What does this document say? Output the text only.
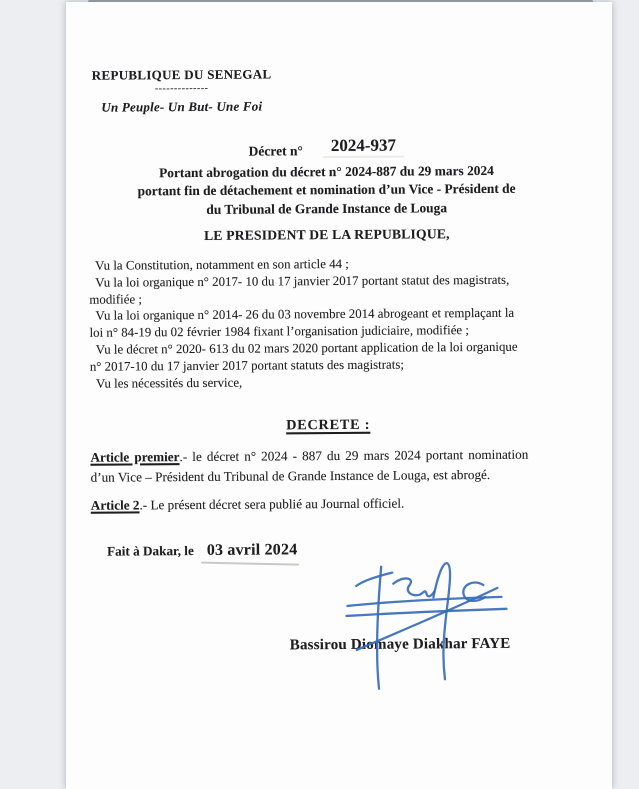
REPUBLIQUE DU SENEGAL
--------------
Un Peuple- Un But- Une Foi
Décret n° 2024-937
Portant abrogation du décret n° 2024-887 du 29 mars 2024
portant fin de détachement et nomination d’un Vice - Président de
du Tribunal de Grande Instance de Louga
LE PRESIDENT DE LA REPUBLIQUE,
Vu la Constitution, notamment en son article 44 ;
Vu la loi organique n° 2017- 10 du 17 janvier 2017 portant statut des magistrats,
modifiée ;
Vu la loi organique n° 2014- 26 du 03 novembre 2014 abrogeant et remplaçant la
loi n° 84-19 du 02 février 1984 fixant l’organisation judiciaire, modifiée ;
Vu le décret n° 2020- 613 du 02 mars 2020 portant application de la loi organique
n° 2017-10 du 17 janvier 2017 portant statuts des magistrats;
Vu les nécessités du service,
DECRETE :
Article premier.- le décret n° 2024 - 887 du 29 mars 2024 portant nomination
d’un Vice – Président du Tribunal de Grande Instance de Louga, est abrogé.
Article 2.- Le présent décret sera publié au Journal officiel.
Fait à Dakar, le 03 avril 2024
Bassirou Diomaye Diakhar FAYE
